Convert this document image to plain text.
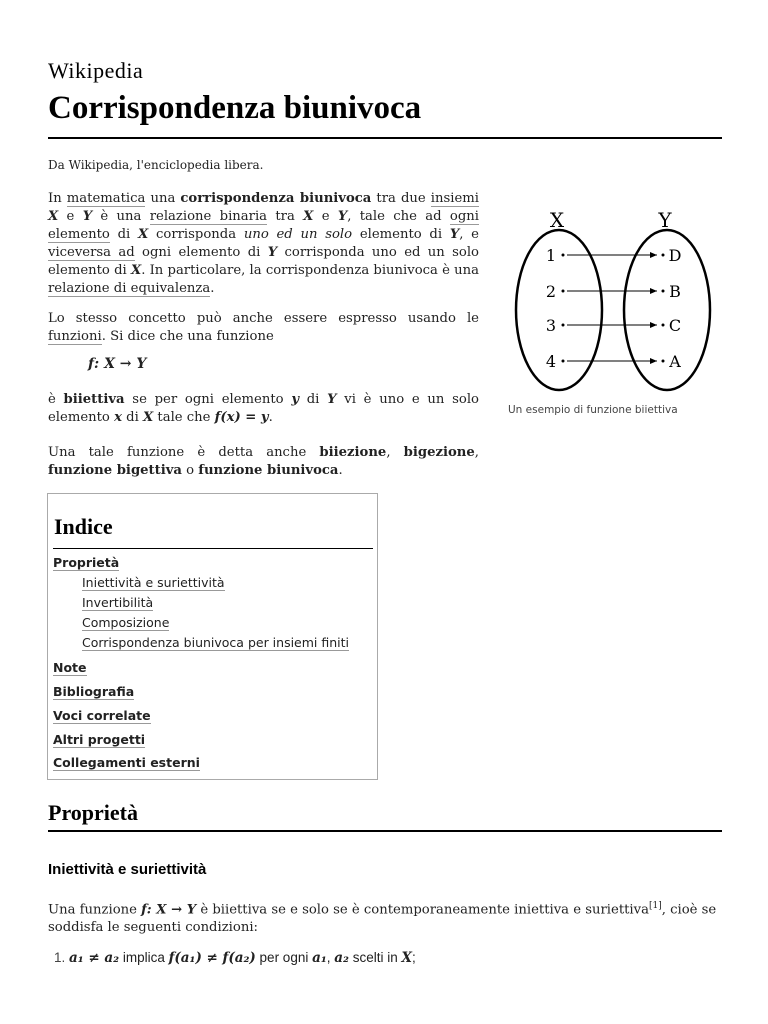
Wikipedia
Corrispondenza biunivoca
Da Wikipedia, l'enciclopedia libera.
In matematica una corrispondenza biunivoca tra due insiemi X e Y è una relazione binaria tra X e Y, tale che ad ogni elemento di X corrisponda uno ed un solo elemento di Y, e viceversa ad ogni elemento di Y corrisponda uno ed un solo elemento di X. In particolare, la corrispondenza biunivoca è una relazione di equivalenza.
Lo stesso concetto può anche essere espresso usando le funzioni. Si dice che una funzione
f: X → Y
è biiettiva se per ogni elemento y di Y vi è uno e un solo elemento x di X tale che f(x) = y.
Una tale funzione è detta anche biiezione, bigezione, funzione bigettiva o funzione biunivoca.
X	Y
1
2
3
4
D
B
C
A
Un esempio di funzione biiettiva
Indice
Proprietà
Iniettività e suriettività
Invertibilità
Composizione
Corrispondenza biunivoca per insiemi finiti
Note
Bibliografia
Voci correlate
Altri progetti
Collegamenti esterni
Proprietà
Iniettività e suriettività
Una funzione f: X → Y è biiettiva se e solo se è contemporaneamente iniettiva e suriettiva[1], cioè se soddisfa le seguenti condizioni:
1. a₁ ≠ a₂ implica f(a₁) ≠ f(a₂) per ogni a₁, a₂ scelti in X;
